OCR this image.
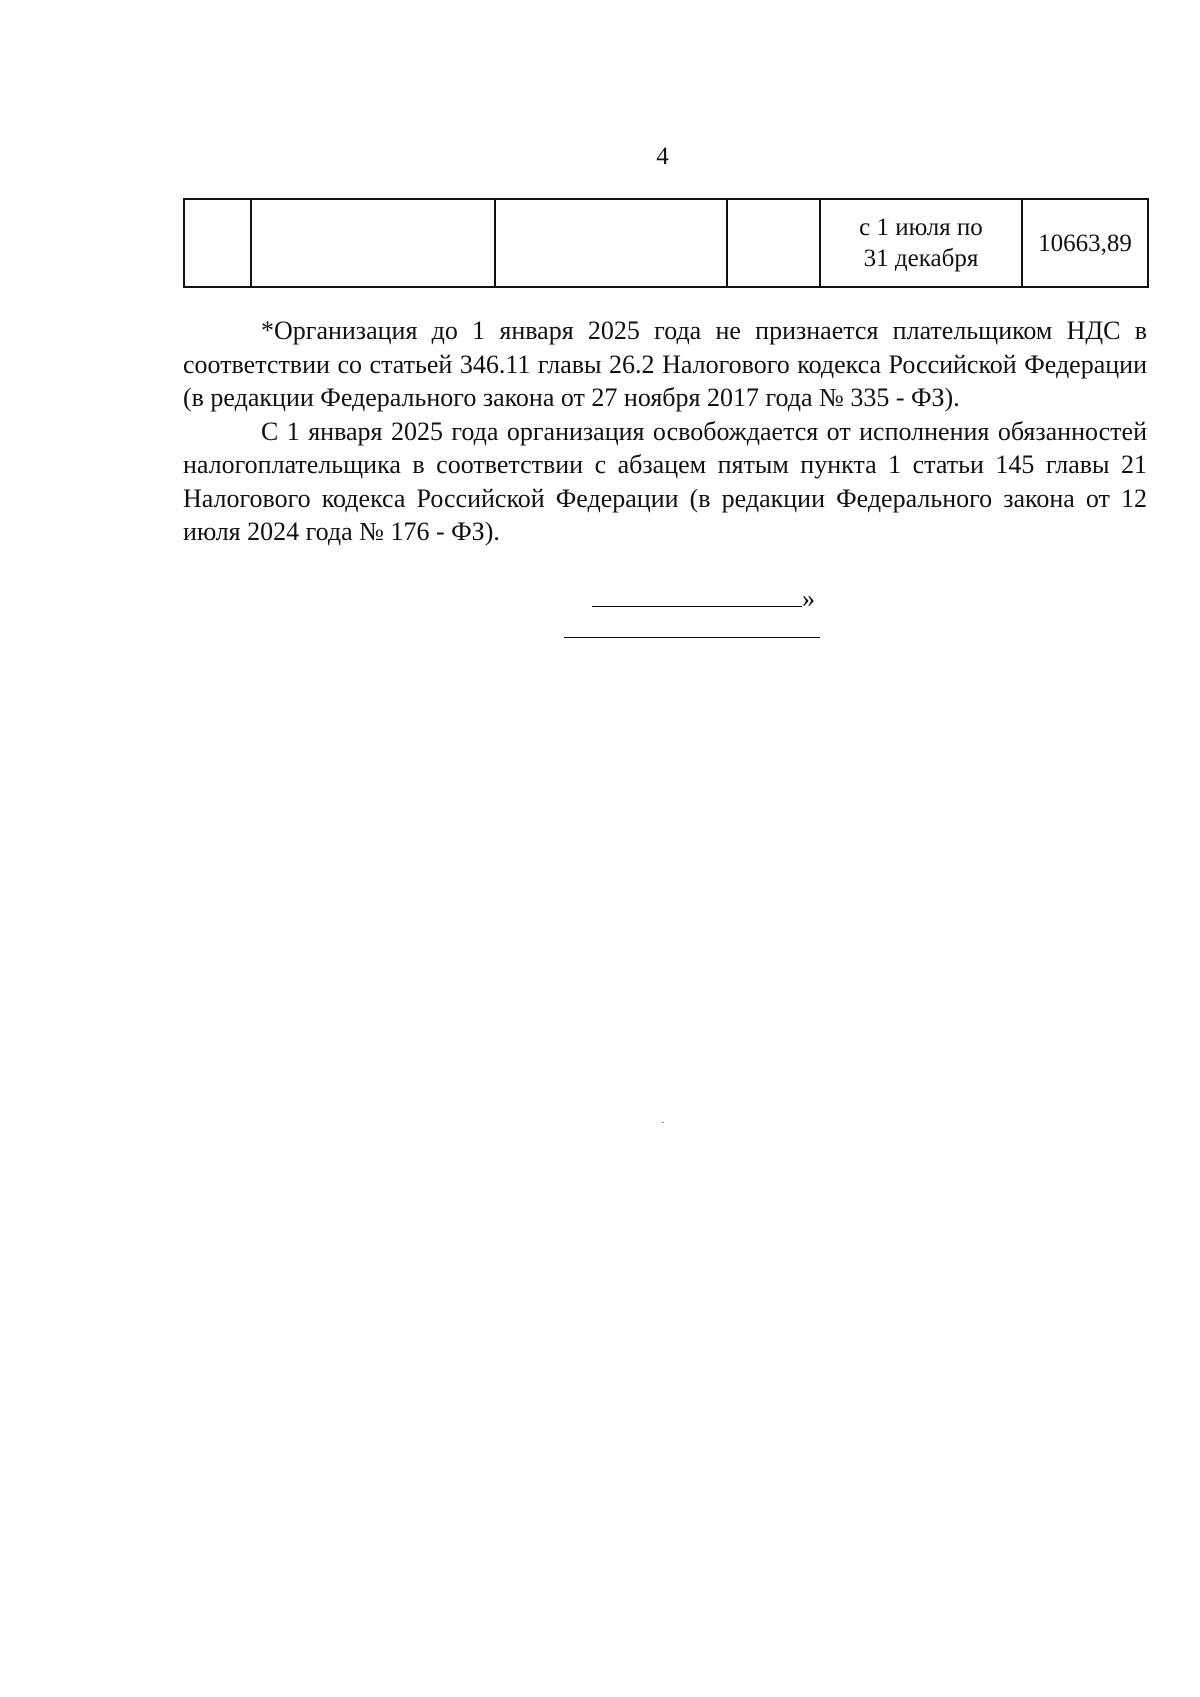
4

с 1 июля по
31 декабря
	10663,89

*Организация до 1 января 2025 года не признается плательщиком НДС в соответствии со статьей 346.11 главы 26.2 Налогового кодекса Российской Федерации (в редакции Федерального закона от 27 ноября 2017 года № 335 - ФЗ).

С 1 января 2025 года организация освобождается от исполнения обязанностей налогоплательщика в соответствии с абзацем пятым пункта 1 статьи 145 главы 21 Налогового кодекса Российской Федерации (в редакции Федерального закона от 12 июля 2024 года № 176 - ФЗ).

»
